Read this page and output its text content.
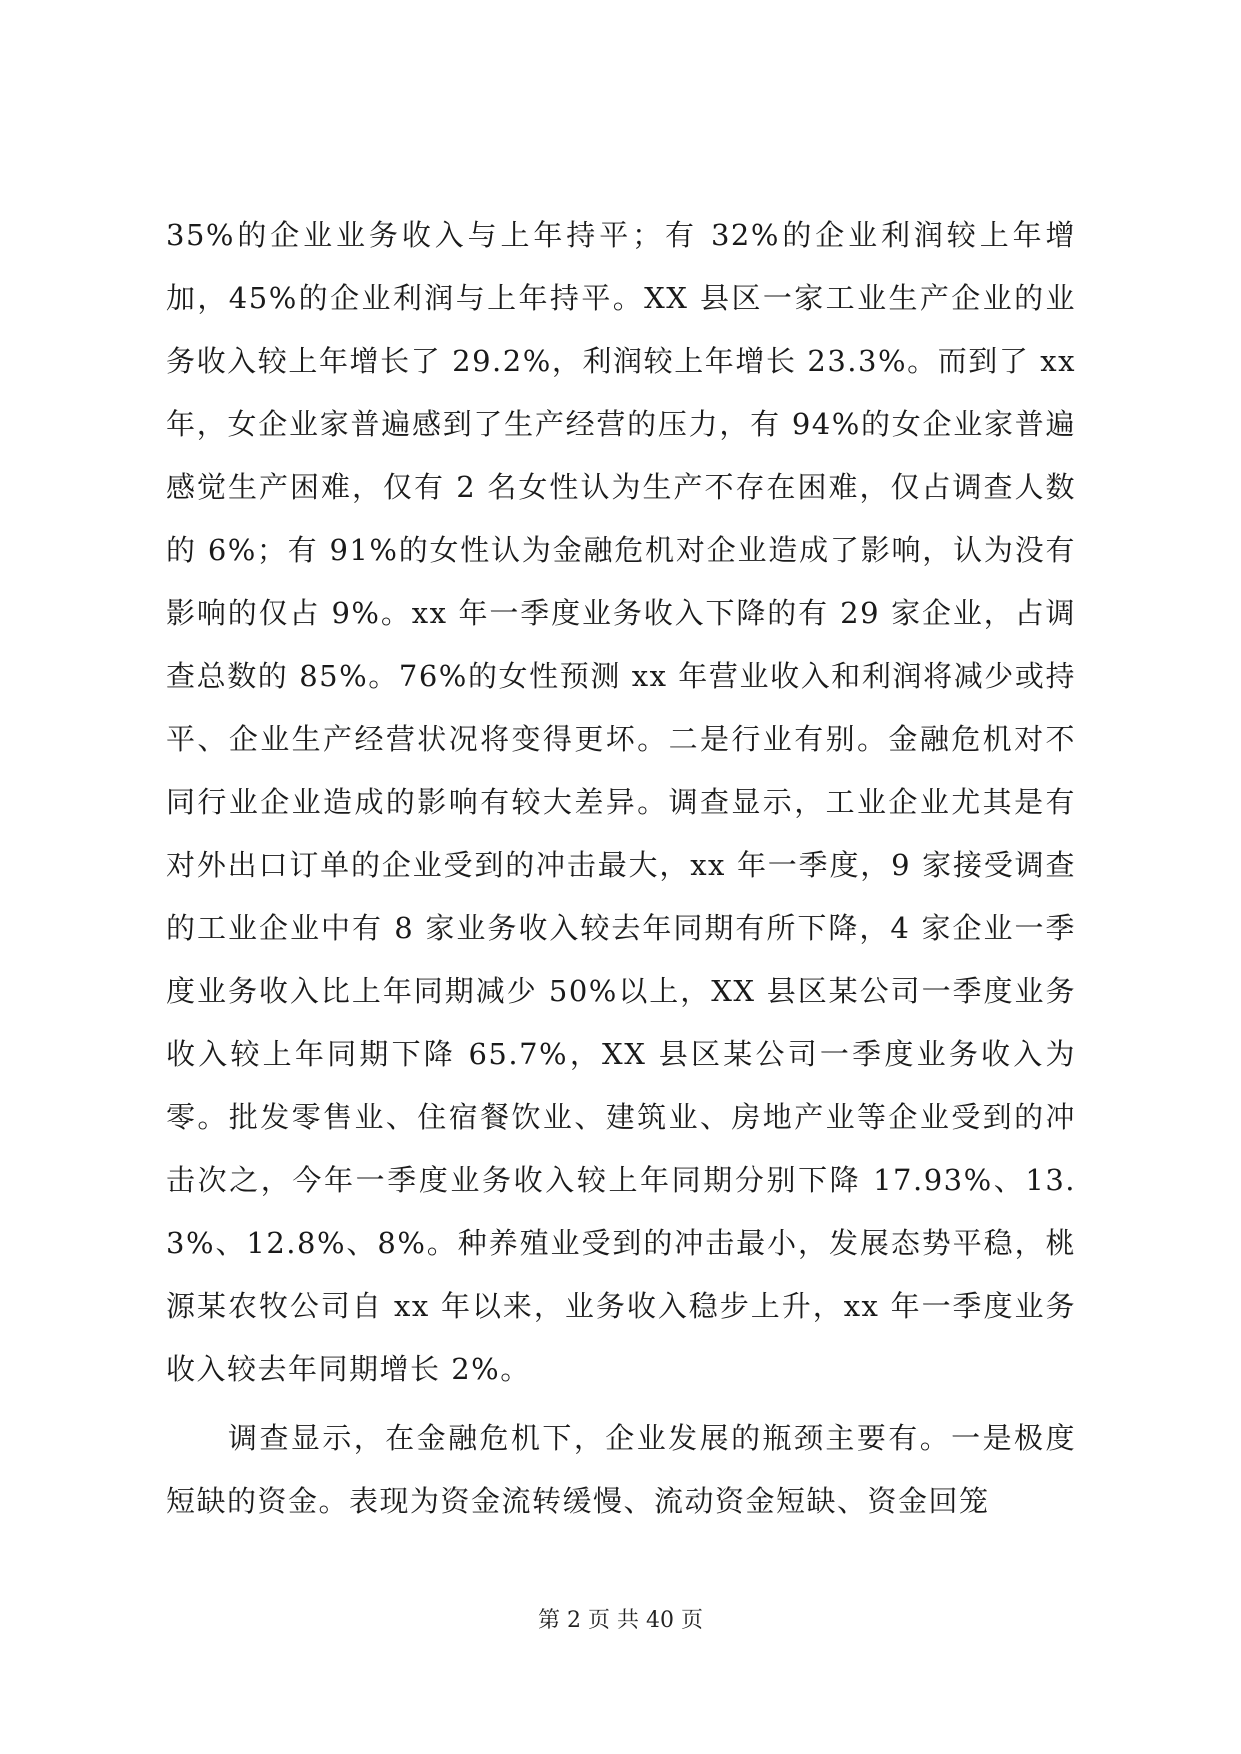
35%的企业业务收入与上年持平；有 32%的企业利润较上年增加，45%的企业利润与上年持平。XX 县区一家工业生产企业的业务收入较上年增长了 29.2%，利润较上年增长 23.3%。而到了 xx 年，女企业家普遍感到了生产经营的压力，有 94%的女企业家普遍感觉生产困难，仅有 2 名女性认为生产不存在困难，仅占调查人数的 6%；有 91%的女性认为金融危机对企业造成了影响，认为没有影响的仅占 9%。xx 年一季度业务收入下降的有 29 家企业，占调查总数的 85%。76%的女性预测 xx 年营业收入和利润将减少或持平、企业生产经营状况将变得更坏。二是行业有别。金融危机对不同行业企业造成的影响有较大差异。调查显示，工业企业尤其是有对外出口订单的企业受到的冲击最大，xx 年一季度，9 家接受调查的工业企业中有 8 家业务收入较去年同期有所下降，4 家企业一季度业务收入比上年同期减少 50%以上，XX 县区某公司一季度业务收入较上年同期下降 65.7%，XX 县区某公司一季度业务收入为零。批发零售业、住宿餐饮业、建筑业、房地产业等企业受到的冲击次之，今年一季度业务收入较上年同期分别下降 17.93%、13.3%、12.8%、8%。种养殖业受到的冲击最小，发展态势平稳，桃源某农牧公司自 xx 年以来，业务收入稳步上升，xx 年一季度业务收入较去年同期增长 2%。

调查显示，在金融危机下，企业发展的瓶颈主要有。一是极度短缺的资金。表现为资金流转缓慢、流动资金短缺、资金回笼

第 2 页 共 40 页
